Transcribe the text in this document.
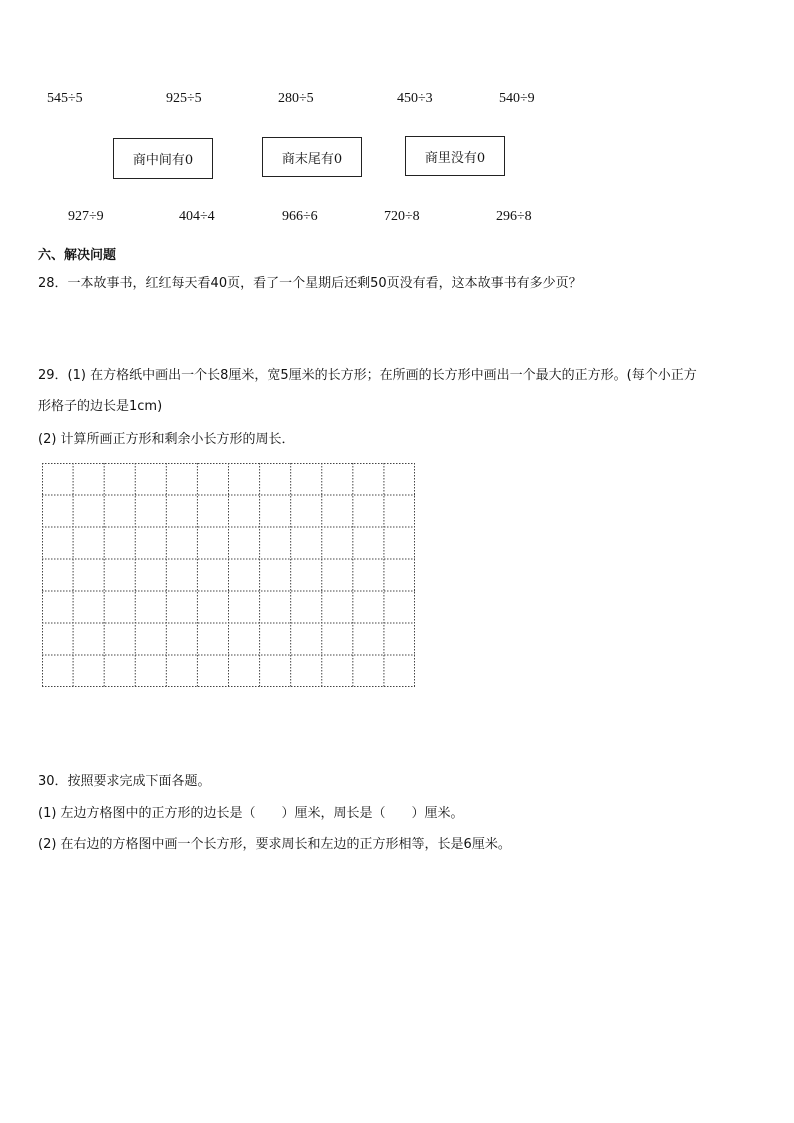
545÷5	925÷5	280÷5	450÷3	540÷9
商中间有0	商末尾有0	商里没有0
927÷9	404÷4	966÷6	720÷8	296÷8
六、解决问题
28．一本故事书，红红每天看40页，看了一个星期后还剩50页没有看，这本故事书有多少页？
29．(1) 在方格纸中画出一个长8厘米，宽5厘米的长方形；在所画的长方形中画出一个最大的正方形。(每个小正方
形格子的边长是1cm)
(2) 计算所画正方形和剩余小长方形的周长．
30．按照要求完成下面各题。
(1) 左边方格图中的正方形的边长是（　　）厘米，周长是（　　）厘米。
(2) 在右边的方格图中画一个长方形，要求周长和左边的正方形相等，长是6厘米。
